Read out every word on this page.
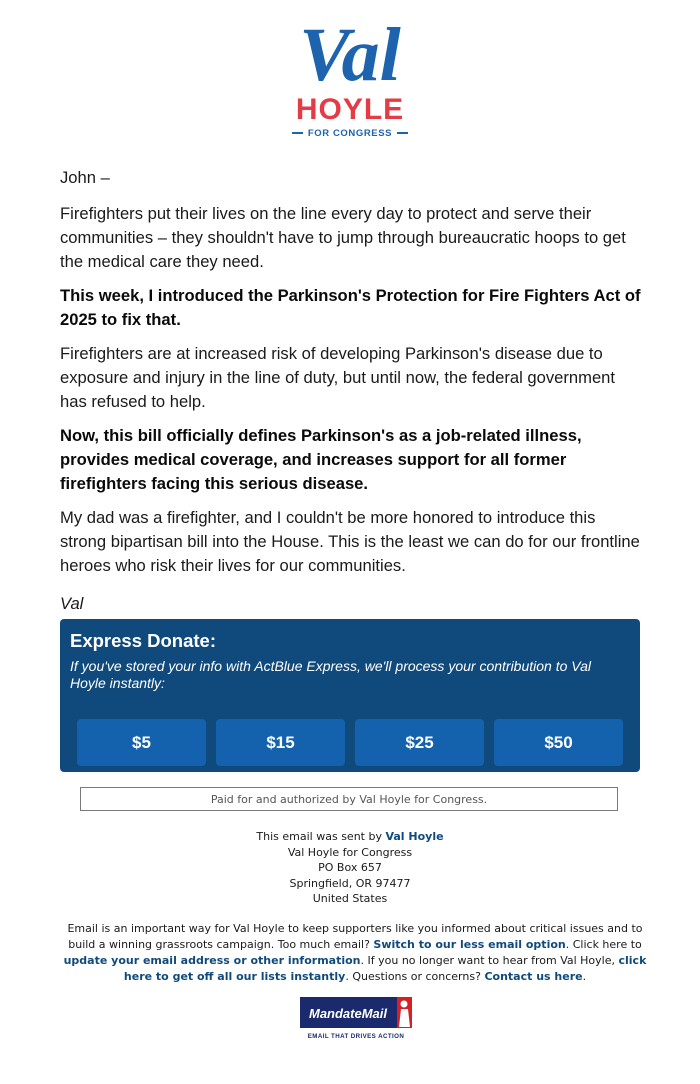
Val
HOYLE
FOR CONGRESS

John –

Firefighters put their lives on the line every day to protect and serve their communities – they shouldn't have to jump through bureaucratic hoops to get the medical care they need.

This week, I introduced the Parkinson's Protection for Fire Fighters Act of 2025 to fix that.

Firefighters are at increased risk of developing Parkinson's disease due to exposure and injury in the line of duty, but until now, the federal government has refused to help.

Now, this bill officially defines Parkinson's as a job-related illness, provides medical coverage, and increases support for all former firefighters facing this serious disease.

My dad was a firefighter, and I couldn't be more honored to introduce this strong bipartisan bill into the House. This is the least we can do for our frontline heroes who risk their lives for our communities.

Val

Express Donate:
If you've stored your info with ActBlue Express, we'll process your contribution to Val Hoyle instantly:
$5	$15	$25	$50
Paid for and authorized by Val Hoyle for Congress.
This email was sent by Val Hoyle
Val Hoyle for Congress
PO Box 657
Springfield, OR 97477
United States
Email is an important way for Val Hoyle to keep supporters like you informed about critical issues and to build a winning grassroots campaign. Too much email? Switch to our less email option. Click here to update your email address or other information. If you no longer want to hear from Val Hoyle, click here to get off all our lists instantly. Questions or concerns? Contact us here.
MandateMail
EMAIL THAT DRIVES ACTION
